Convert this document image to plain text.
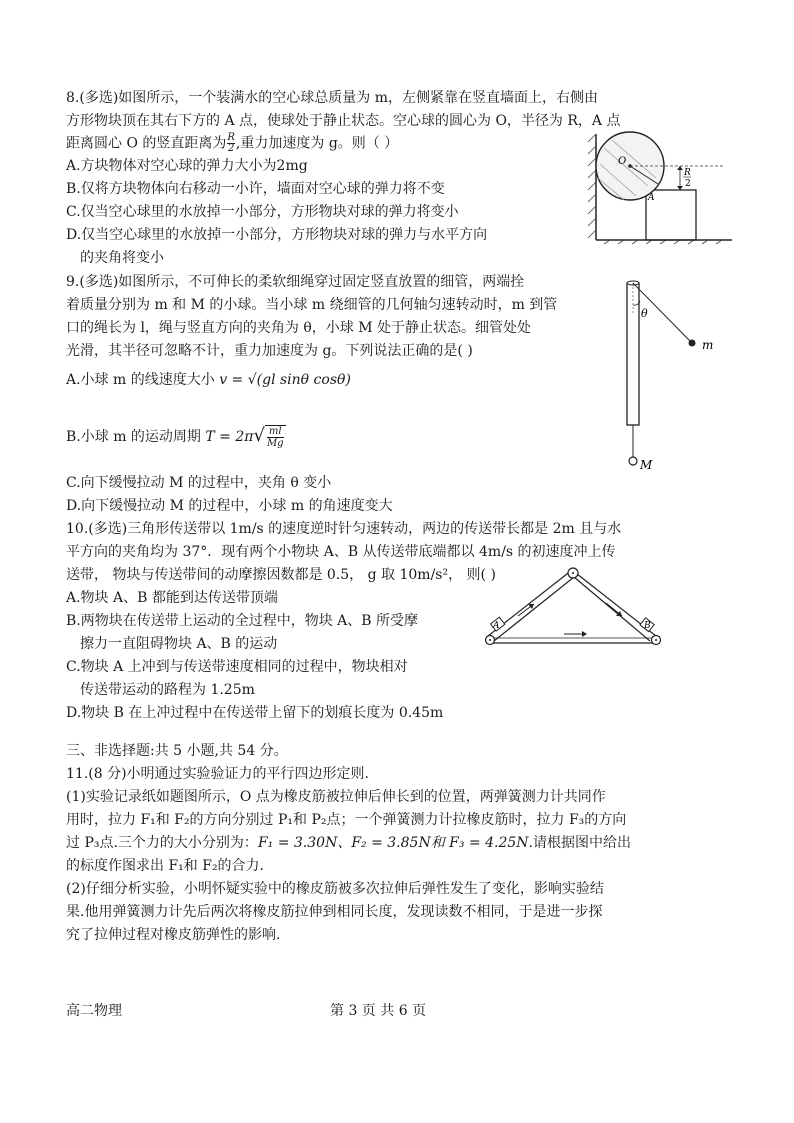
8.(多选)如图所示，一个装满水的空心球总质量为 m，左侧紧靠在竖直墙面上，右侧由
方形物块顶在其右下方的 A 点，使球处于静止状态。空心球的圆心为 O，半径为 R，A 点
距离圆心 O 的竖直距离为 $\frac{R}{2}$ ,重力加速度为 g。则（ ）
A.方块物体对空心球的弹力大小为2mg
B.仅将方块物体向右移动一小许，墙面对空心球的弹力将不变
C.仅当空心球里的水放掉一小部分，方形物块对球的弹力将变小
D.仅当空心球里的水放掉一小部分，方形物块对球的弹力与水平方向
的夹角将变小
R
2
O
A
9.(多选)如图所示，不可伸长的柔软细绳穿过固定竖直放置的细管，两端拴
着质量分别为 m 和 M 的小球。当小球 m 绕细管的几何轴匀速转动时，m 到管
口的绳长为 l，绳与竖直方向的夹角为 θ，小球 M 处于静止状态。细管处处
光滑，其半径可忽略不计，重力加速度为 g。下列说法正确的是( )
A.小球 m 的线速度大小 v = √(gl sinθ cosθ)
B.小球 m 的运动周期 $T = 2\pi√ \frac{ml}{Mg}$
C.向下缓慢拉动 M 的过程中，夹角 θ 变小
D.向下缓慢拉动 M 的过程中，小球 m 的角速度变大
θ
m
M
10.(多选)三角形传送带以 1m/s 的速度逆时针匀速转动，两边的传送带长都是 2m 且与水
平方向的夹角均为 37°．现有两个小物块 A、B 从传送带底端都以 4m/s 的初速度冲上传
送带， 物块与传送带间的动摩擦因数都是 0.5， g 取 10m/s²， 则( )
A.物块 A、B 都能到达传送带顶端
B.两物块在传送带上运动的全过程中，物块 A、B 所受摩
擦力一直阻碍物块 A、B 的运动
C.物块 A 上冲到与传送带速度相同的过程中，物块相对
传送带运动的路程为 1.25m
D.物块 B 在上冲过程中在传送带上留下的划痕长度为 0.45m
A	B
三、非选择题:共 5 小题,共 54 分。
11.(8 分)小明通过实验验证力的平行四边形定则.
(1)实验记录纸如题图所示，O 点为橡皮筋被拉伸后伸长到的位置，两弹簧测力计共同作
用时，拉力 F₁和 F₂的方向分别过 P₁和 P₂点；一个弹簧测力计拉橡皮筋时，拉力 F₃的方向
过 P₃点.三个力的大小分别为：F₁ = 3.30N、F₂ = 3.85N和 F₃ = 4.25N.请根据图中给出
的标度作图求出 F₁和 F₂的合力.
(2)仔细分析实验，小明怀疑实验中的橡皮筋被多次拉伸后弹性发生了变化，影响实验结
果.他用弹簧测力计先后两次将橡皮筋拉伸到相同长度，发现读数不相同，于是进一步探
究了拉伸过程对橡皮筋弹性的影响.
高二物理	第 3 页 共 6 页
